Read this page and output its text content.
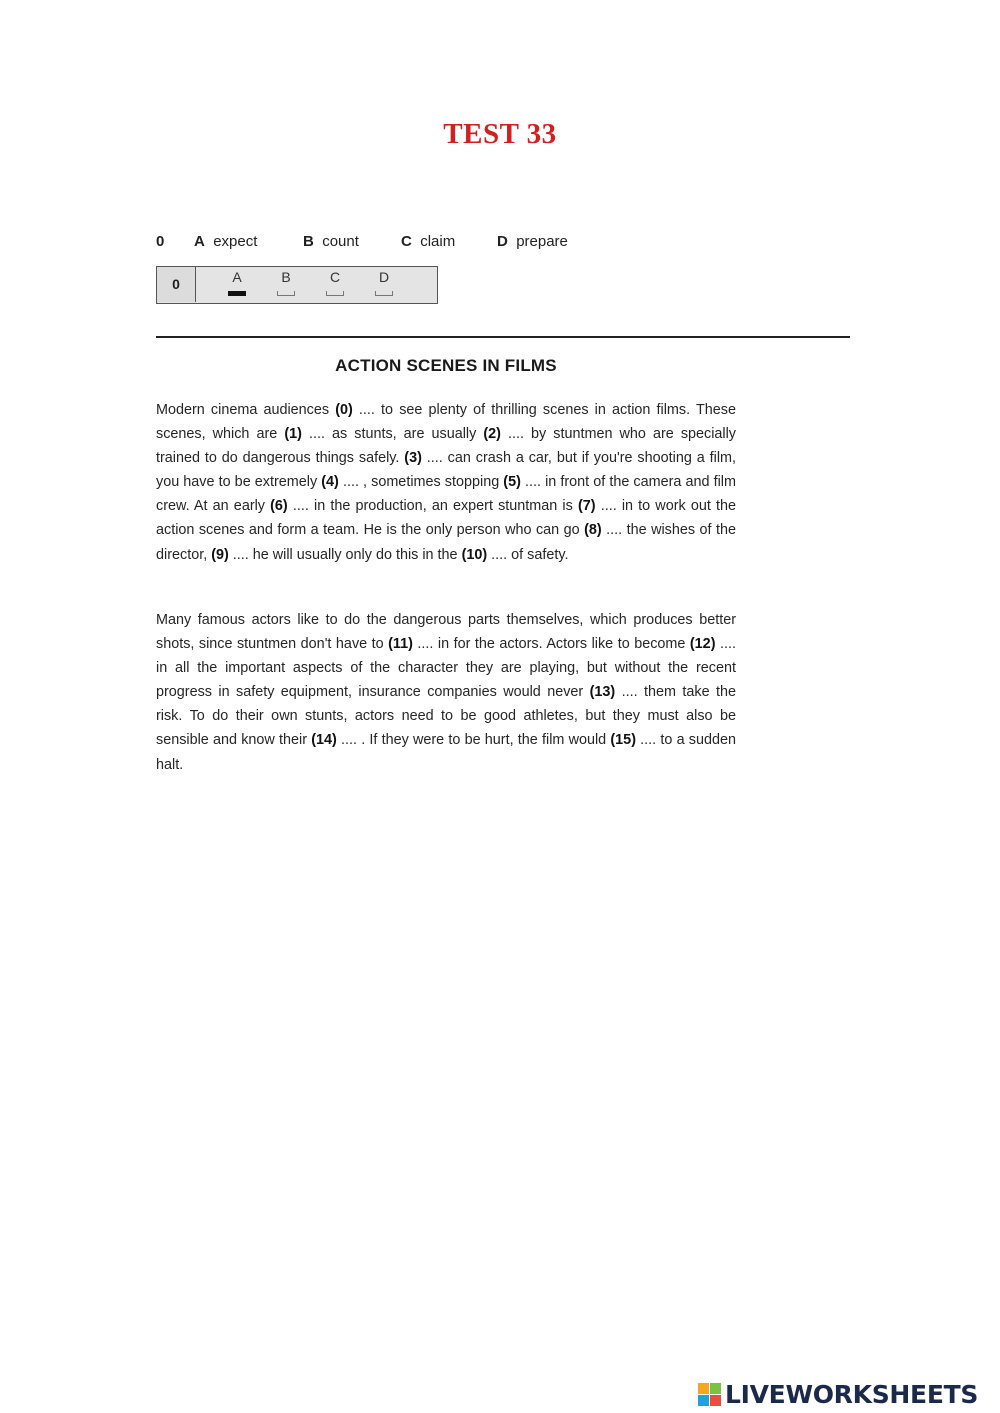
TEST 33
0 A expect	B count	C claim	D prepare
0	A	B	C	D
ACTION SCENES IN FILMS
Modern cinema audiences (0) .... to see plenty of thrilling scenes in action films. These scenes, which are (1) .... as stunts, are usually (2) .... by stuntmen who are specially trained to do dangerous things safely. (3) .... can crash a car, but if you're shooting a film, you have to be extremely (4) .... , sometimes stopping (5) .... in front of the camera and film crew. At an early (6) .... in the production, an expert stuntman is (7) .... in to work out the action scenes and form a team. He is the only person who can go (8) .... the wishes of the director, (9) .... he will usually only do this in the (10) .... of safety.
Many famous actors like to do the dangerous parts themselves, which produces better shots, since stuntmen don't have to (11) .... in for the actors. Actors like to become (12) .... in all the important aspects of the character they are playing, but without the recent progress in safety equipment, insurance companies would never (13) .... them take the risk. To do their own stunts, actors need to be good athletes, but they must also be sensible and know their (14) .... . If they were to be hurt, the film would (15) .... to a sudden halt.
LIVEWORKSHEETS
